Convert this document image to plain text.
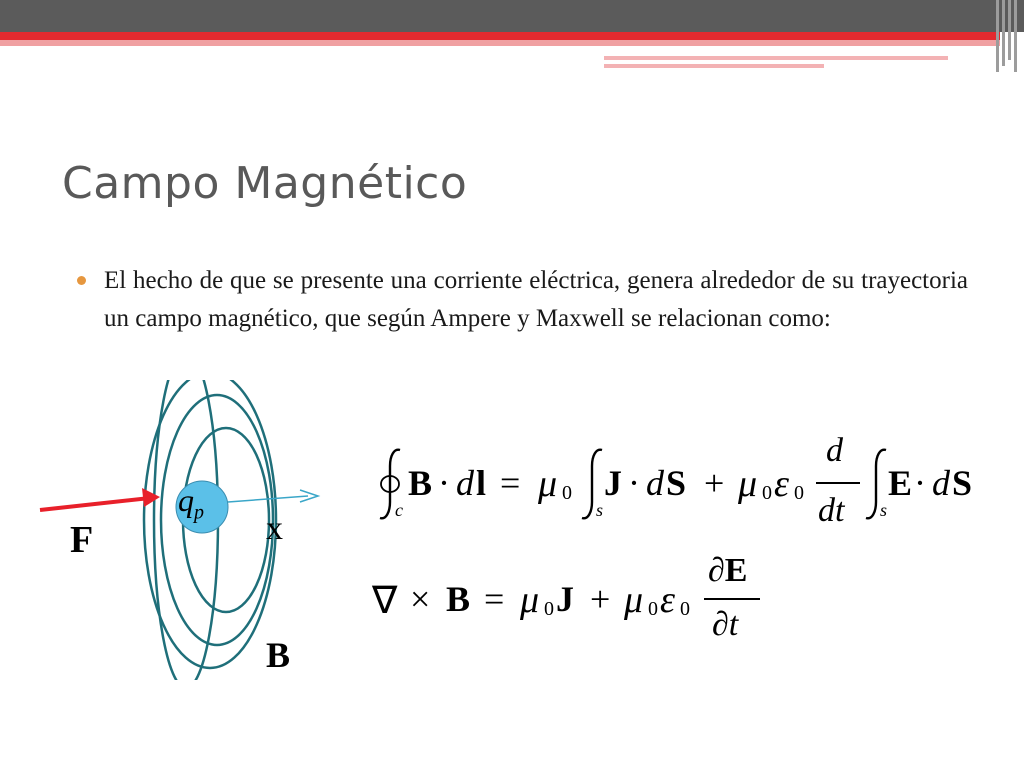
Campo Magnético
El hecho de que se presente una corriente eléctrica, genera alrededor de su trayectoria un campo magnético, que según Ampere y Maxwell se relacionan como:
F
$q_p$ x
B
c
B · d l = μ 0
s
J · d S + μ 0 ε 0
d
dt s
E · d S
∇ × B = μ 0 J + μ 0 ε 0
∂E
∂t
